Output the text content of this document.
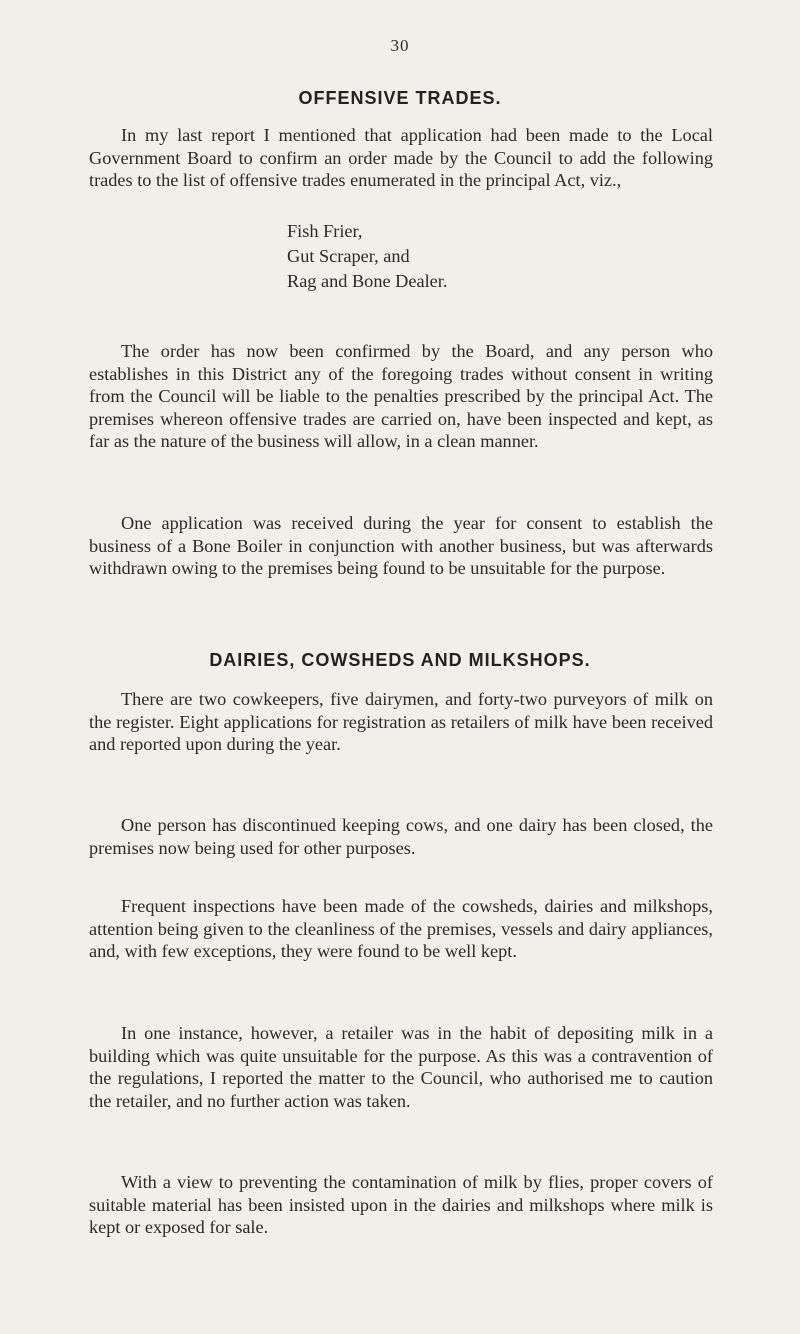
30
OFFENSIVE TRADES.

In my last report I mentioned that application had been made to the Local Government Board to confirm an order made by the Council to add the following trades to the list of offensive trades enumerated in the principal Act, viz.,

Fish Frier,
Gut Scraper, and
Rag and Bone Dealer.

The order has now been confirmed by the Board, and any person who establishes in this District any of the foregoing trades without consent in writing from the Council will be liable to the penalties prescribed by the principal Act. The premises whereon offensive trades are carried on, have been inspected and kept, as far as the nature of the business will allow, in a clean manner.

One application was received during the year for consent to establish the business of a Bone Boiler in conjunction with another business, but was afterwards withdrawn owing to the premises being found to be unsuitable for the purpose.

DAIRIES, COWSHEDS AND MILKSHOPS.

There are two cowkeepers, five dairymen, and forty-two purveyors of milk on the register. Eight applications for registration as retailers of milk have been received and reported upon during the year.

One person has discontinued keeping cows, and one dairy has been closed, the premises now being used for other purposes.

Frequent inspections have been made of the cowsheds, dairies and milkshops, attention being given to the cleanliness of the premises, vessels and dairy appliances, and, with few exceptions, they were found to be well kept.

In one instance, however, a retailer was in the habit of depositing milk in a building which was quite unsuitable for the purpose. As this was a contravention of the regulations, I reported the matter to the Council, who authorised me to caution the retailer, and no further action was taken.

With a view to preventing the contamination of milk by flies, proper covers of suitable material has been insisted upon in the dairies and milkshops where milk is kept or exposed for sale.
